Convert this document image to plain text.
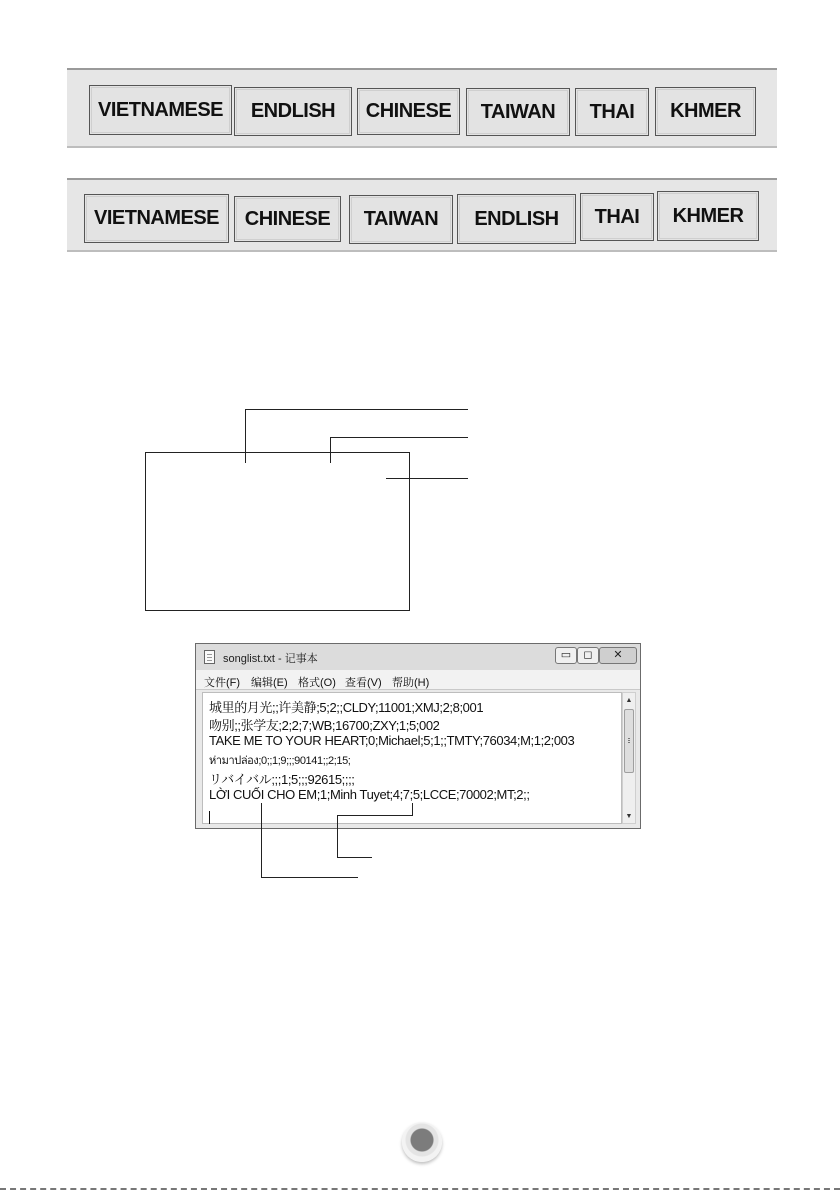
VIETNAMESE	ENDLISH	CHINESE	TAIWAN	THAI	KHMER
VIETNAMESE	CHINESE	TAIWAN	ENDLISH	THAI	KHMER
songlist.txt - 记事本	▭	◻	✕
文件(F) 编辑(E) 格式(O) 查看(V) 帮助(H)
城里的月光;;许美静;5;2;;CLDY;11001;XMJ;2;8;001
吻别;;张学友;2;2;7;WB;16700;ZXY;1;5;002
TAKE ME TO YOUR HEART;0;Michael;5;1;;TMTY;76034;M;1;2;003
ห่ามาปล่อง;0;;1;9;;;90141;;2;15;
リバイバル;;;1;5;;;92615;;;;
LỜI CUỐI CHO EM;1;Minh Tuyet;4;7;5;LCCE;70002;MT;2;;
▲
▼
